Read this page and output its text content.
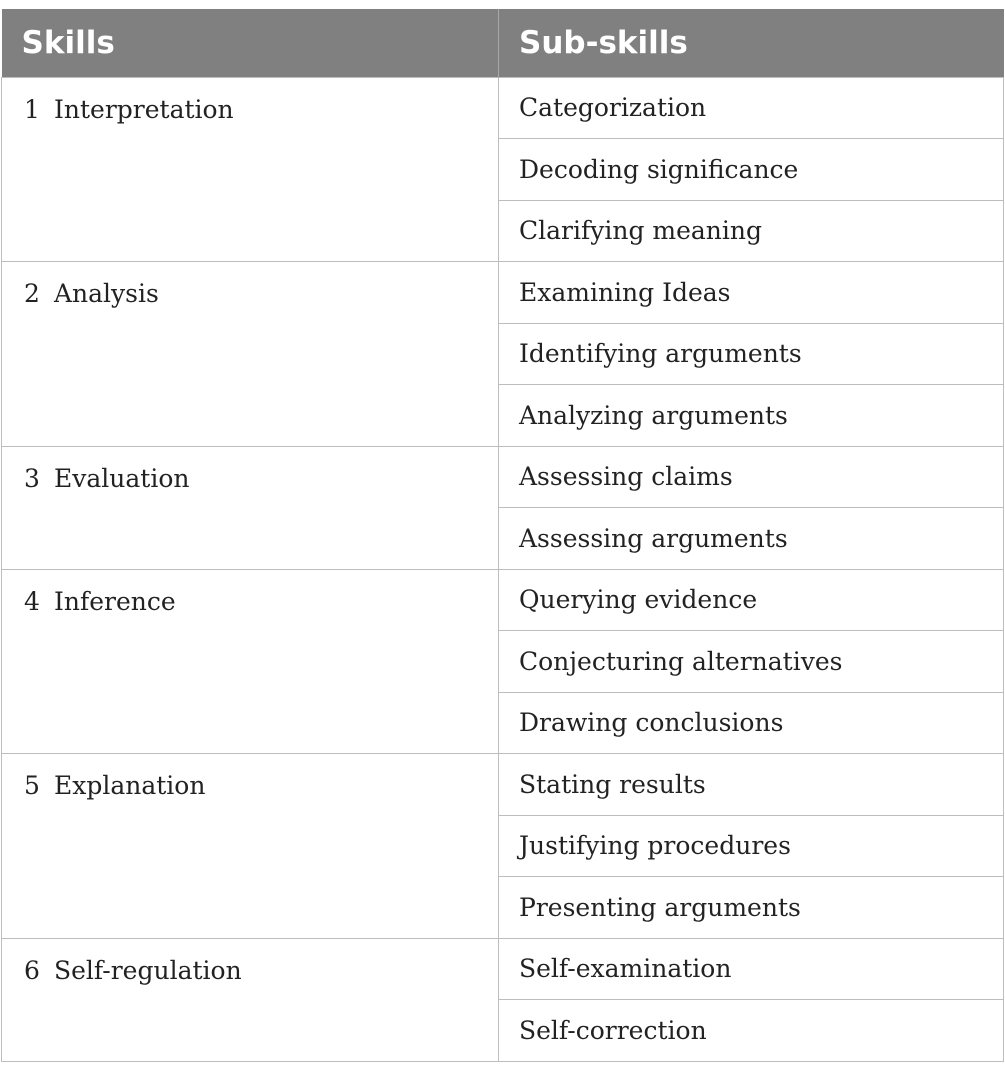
Skills	Sub-skills
1 Interpretation	Categorization
	Decoding significance
	Clarifying meaning
2 Analysis	Examining Ideas
	Identifying arguments
	Analyzing arguments
3 Evaluation	Assessing claims
	Assessing arguments
4 Inference	Querying evidence
	Conjecturing alternatives
	Drawing conclusions
5 Explanation	Stating results
	Justifying procedures
	Presenting arguments
6 Self-regulation	Self-examination
	Self-correction
